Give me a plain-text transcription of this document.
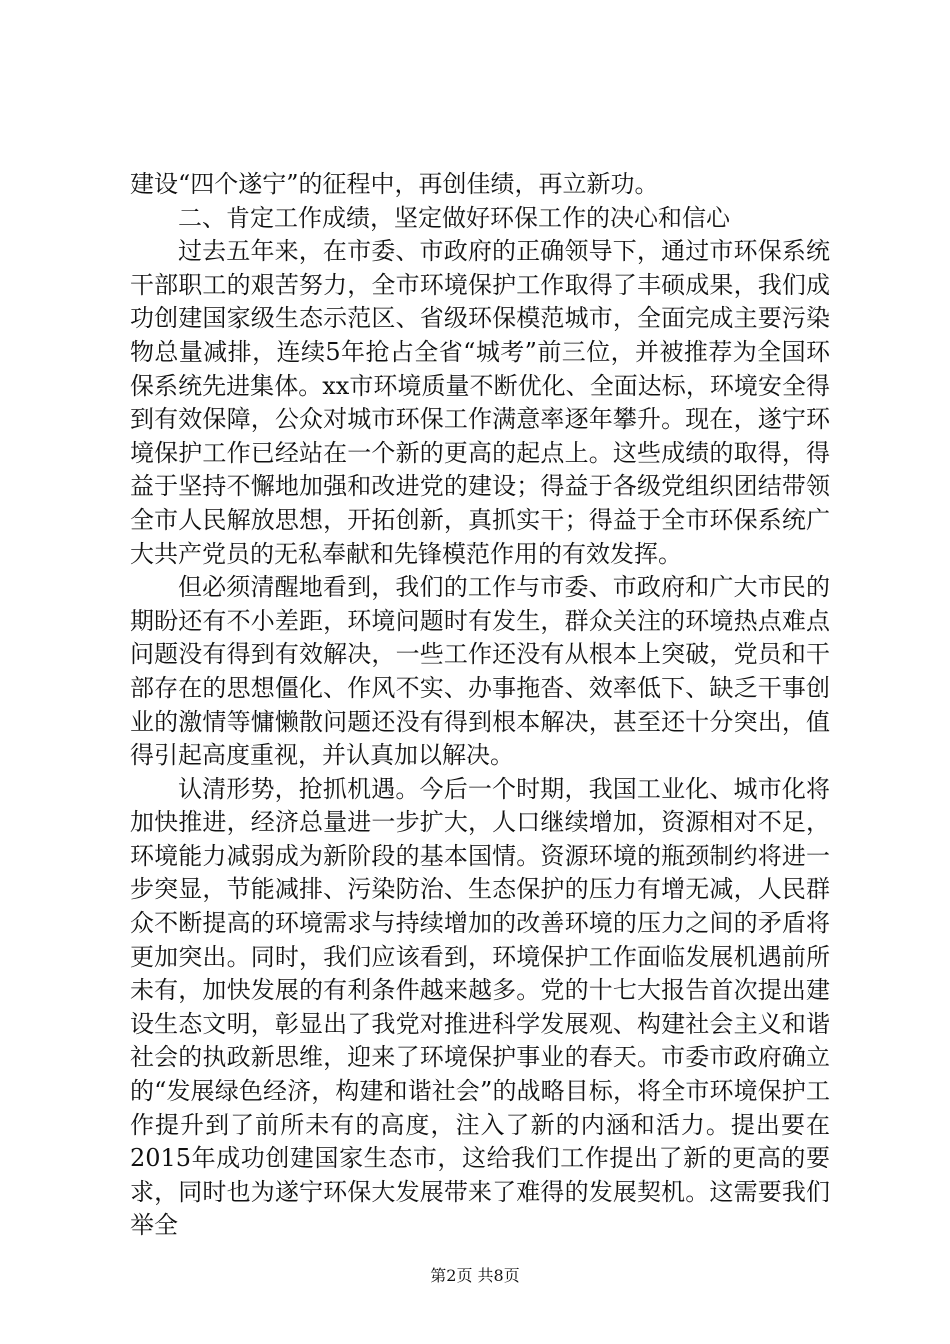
建设“四个遂宁”的征程中，再创佳绩，再立新功。

二、肯定工作成绩，坚定做好环保工作的决心和信心

过去五年来，在市委、市政府的正确领导下，通过市环保系统干部职工的艰苦努力，全市环境保护工作取得了丰硕成果，我们成功创建国家级生态示范区、省级环保模范城市，全面完成主要污染物总量减排，连续5年抢占全省“城考”前三位，并被推荐为全国环保系统先进集体。xx市环境质量不断优化、全面达标，环境安全得到有效保障，公众对城市环保工作满意率逐年攀升。现在，遂宁环境保护工作已经站在一个新的更高的起点上。这些成绩的取得，得益于坚持不懈地加强和改进党的建设；得益于各级党组织团结带领全市人民解放思想，开拓创新，真抓实干；得益于全市环保系统广大共产党员的无私奉献和先锋模范作用的有效发挥。

但必须清醒地看到，我们的工作与市委、市政府和广大市民的期盼还有不小差距，环境问题时有发生，群众关注的环境热点难点问题没有得到有效解决，一些工作还没有从根本上突破，党员和干部存在的思想僵化、作风不实、办事拖沓、效率低下、缺乏干事创业的激情等慵懒散问题还没有得到根本解决，甚至还十分突出，值得引起高度重视，并认真加以解决。

认清形势，抢抓机遇。今后一个时期，我国工业化、城市化将加快推进，经济总量进一步扩大，人口继续增加，资源相对不足，环境能力减弱成为新阶段的基本国情。资源环境的瓶颈制约将进一步突显，节能减排、污染防治、生态保护的压力有增无减，人民群众不断提高的环境需求与持续增加的改善环境的压力之间的矛盾将更加突出。同时，我们应该看到，环境保护工作面临发展机遇前所未有，加快发展的有利条件越来越多。党的十七大报告首次提出建设生态文明，彰显出了我党对推进科学发展观、构建社会主义和谐社会的执政新思维，迎来了环境保护事业的春天。市委市政府确立的“发展绿色经济，构建和谐社会”的战略目标，将全市环境保护工作提升到了前所未有的高度，注入了新的内涵和活力。提出要在2015年成功创建国家生态市，这给我们工作提出了新的更高的要求，同时也为遂宁环保大发展带来了难得的发展契机。这需要我们举全

第2页 共8页
